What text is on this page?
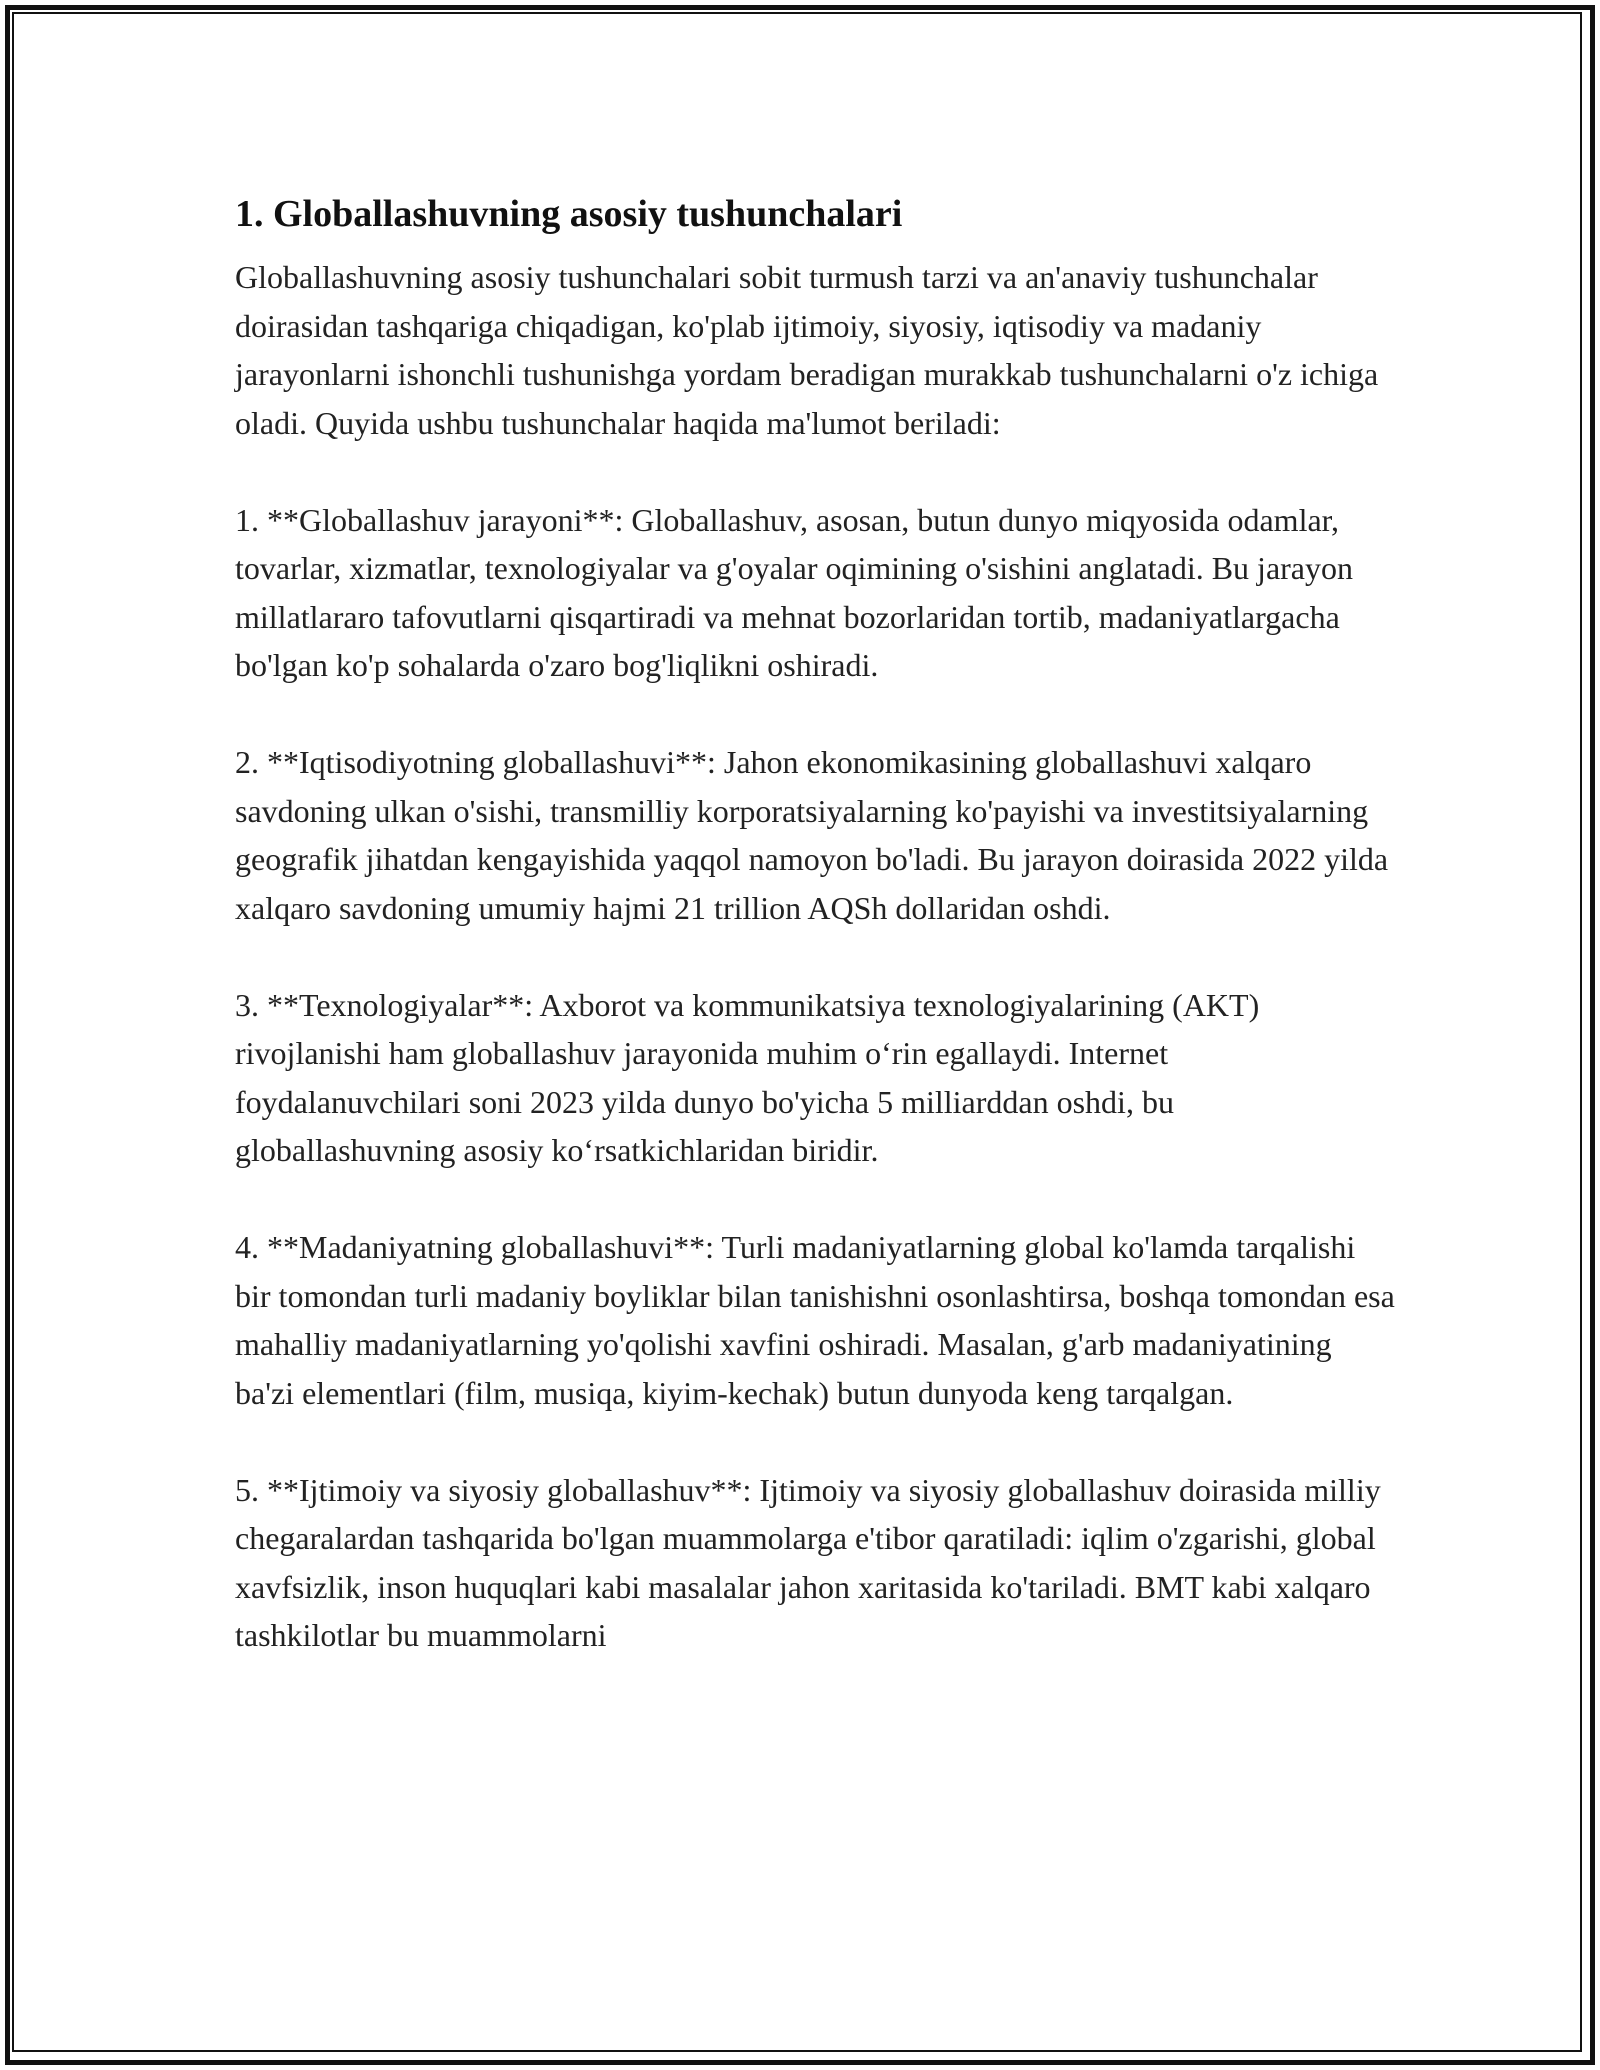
1. Globallashuvning asosiy tushunchalari

Globallashuvning asosiy tushunchalari sobit turmush tarzi va an'anaviy tushunchalar doirasidan tashqariga chiqadigan, ko'plab ijtimoiy, siyosiy, iqtisodiy va madaniy jarayonlarni ishonchli tushunishga yordam beradigan murakkab tushunchalarni o'z ichiga oladi. Quyida ushbu tushunchalar haqida ma'lumot beriladi:

1. **Globallashuv jarayoni**: Globallashuv, asosan, butun dunyo miqyosida odamlar, tovarlar, xizmatlar, texnologiyalar va g'oyalar oqimining o'sishini anglatadi. Bu jarayon millatlararo tafovutlarni qisqartiradi va mehnat bozorlaridan tortib, madaniyatlargacha bo'lgan ko'p sohalarda o'zaro bog'liqlikni oshiradi.

2. **Iqtisodiyotning globallashuvi**: Jahon ekonomikasining globallashuvi xalqaro savdoning ulkan o'sishi, transmilliy korporatsiyalarning ko'payishi va investitsiyalarning geografik jihatdan kengayishida yaqqol namoyon bo'ladi. Bu jarayon doirasida 2022 yilda xalqaro savdoning umumiy hajmi 21 trillion AQSh dollaridan oshdi.

3. **Texnologiyalar**: Axborot va kommunikatsiya texnologiyalarining (AKT) rivojlanishi ham globallashuv jarayonida muhim o‘rin egallaydi. Internet foydalanuvchilari soni 2023 yilda dunyo bo'yicha 5 milliarddan oshdi, bu globallashuvning asosiy ko‘rsatkichlaridan biridir.

4. **Madaniyatning globallashuvi**: Turli madaniyatlarning global ko'lamda tarqalishi bir tomondan turli madaniy boyliklar bilan tanishishni osonlashtirsa, boshqa tomondan esa mahalliy madaniyatlarning yo'qolishi xavfini oshiradi. Masalan, g'arb madaniyatining ba'zi elementlari (film, musiqa, kiyim-kechak) butun dunyoda keng tarqalgan.

5. **Ijtimoiy va siyosiy globallashuv**: Ijtimoiy va siyosiy globallashuv doirasida milliy chegaralardan tashqarida bo'lgan muammolarga e'tibor qaratiladi: iqlim o'zgarishi, global xavfsizlik, inson huquqlari kabi masalalar jahon xaritasida ko'tariladi. BMT kabi xalqaro tashkilotlar bu muammolarni
